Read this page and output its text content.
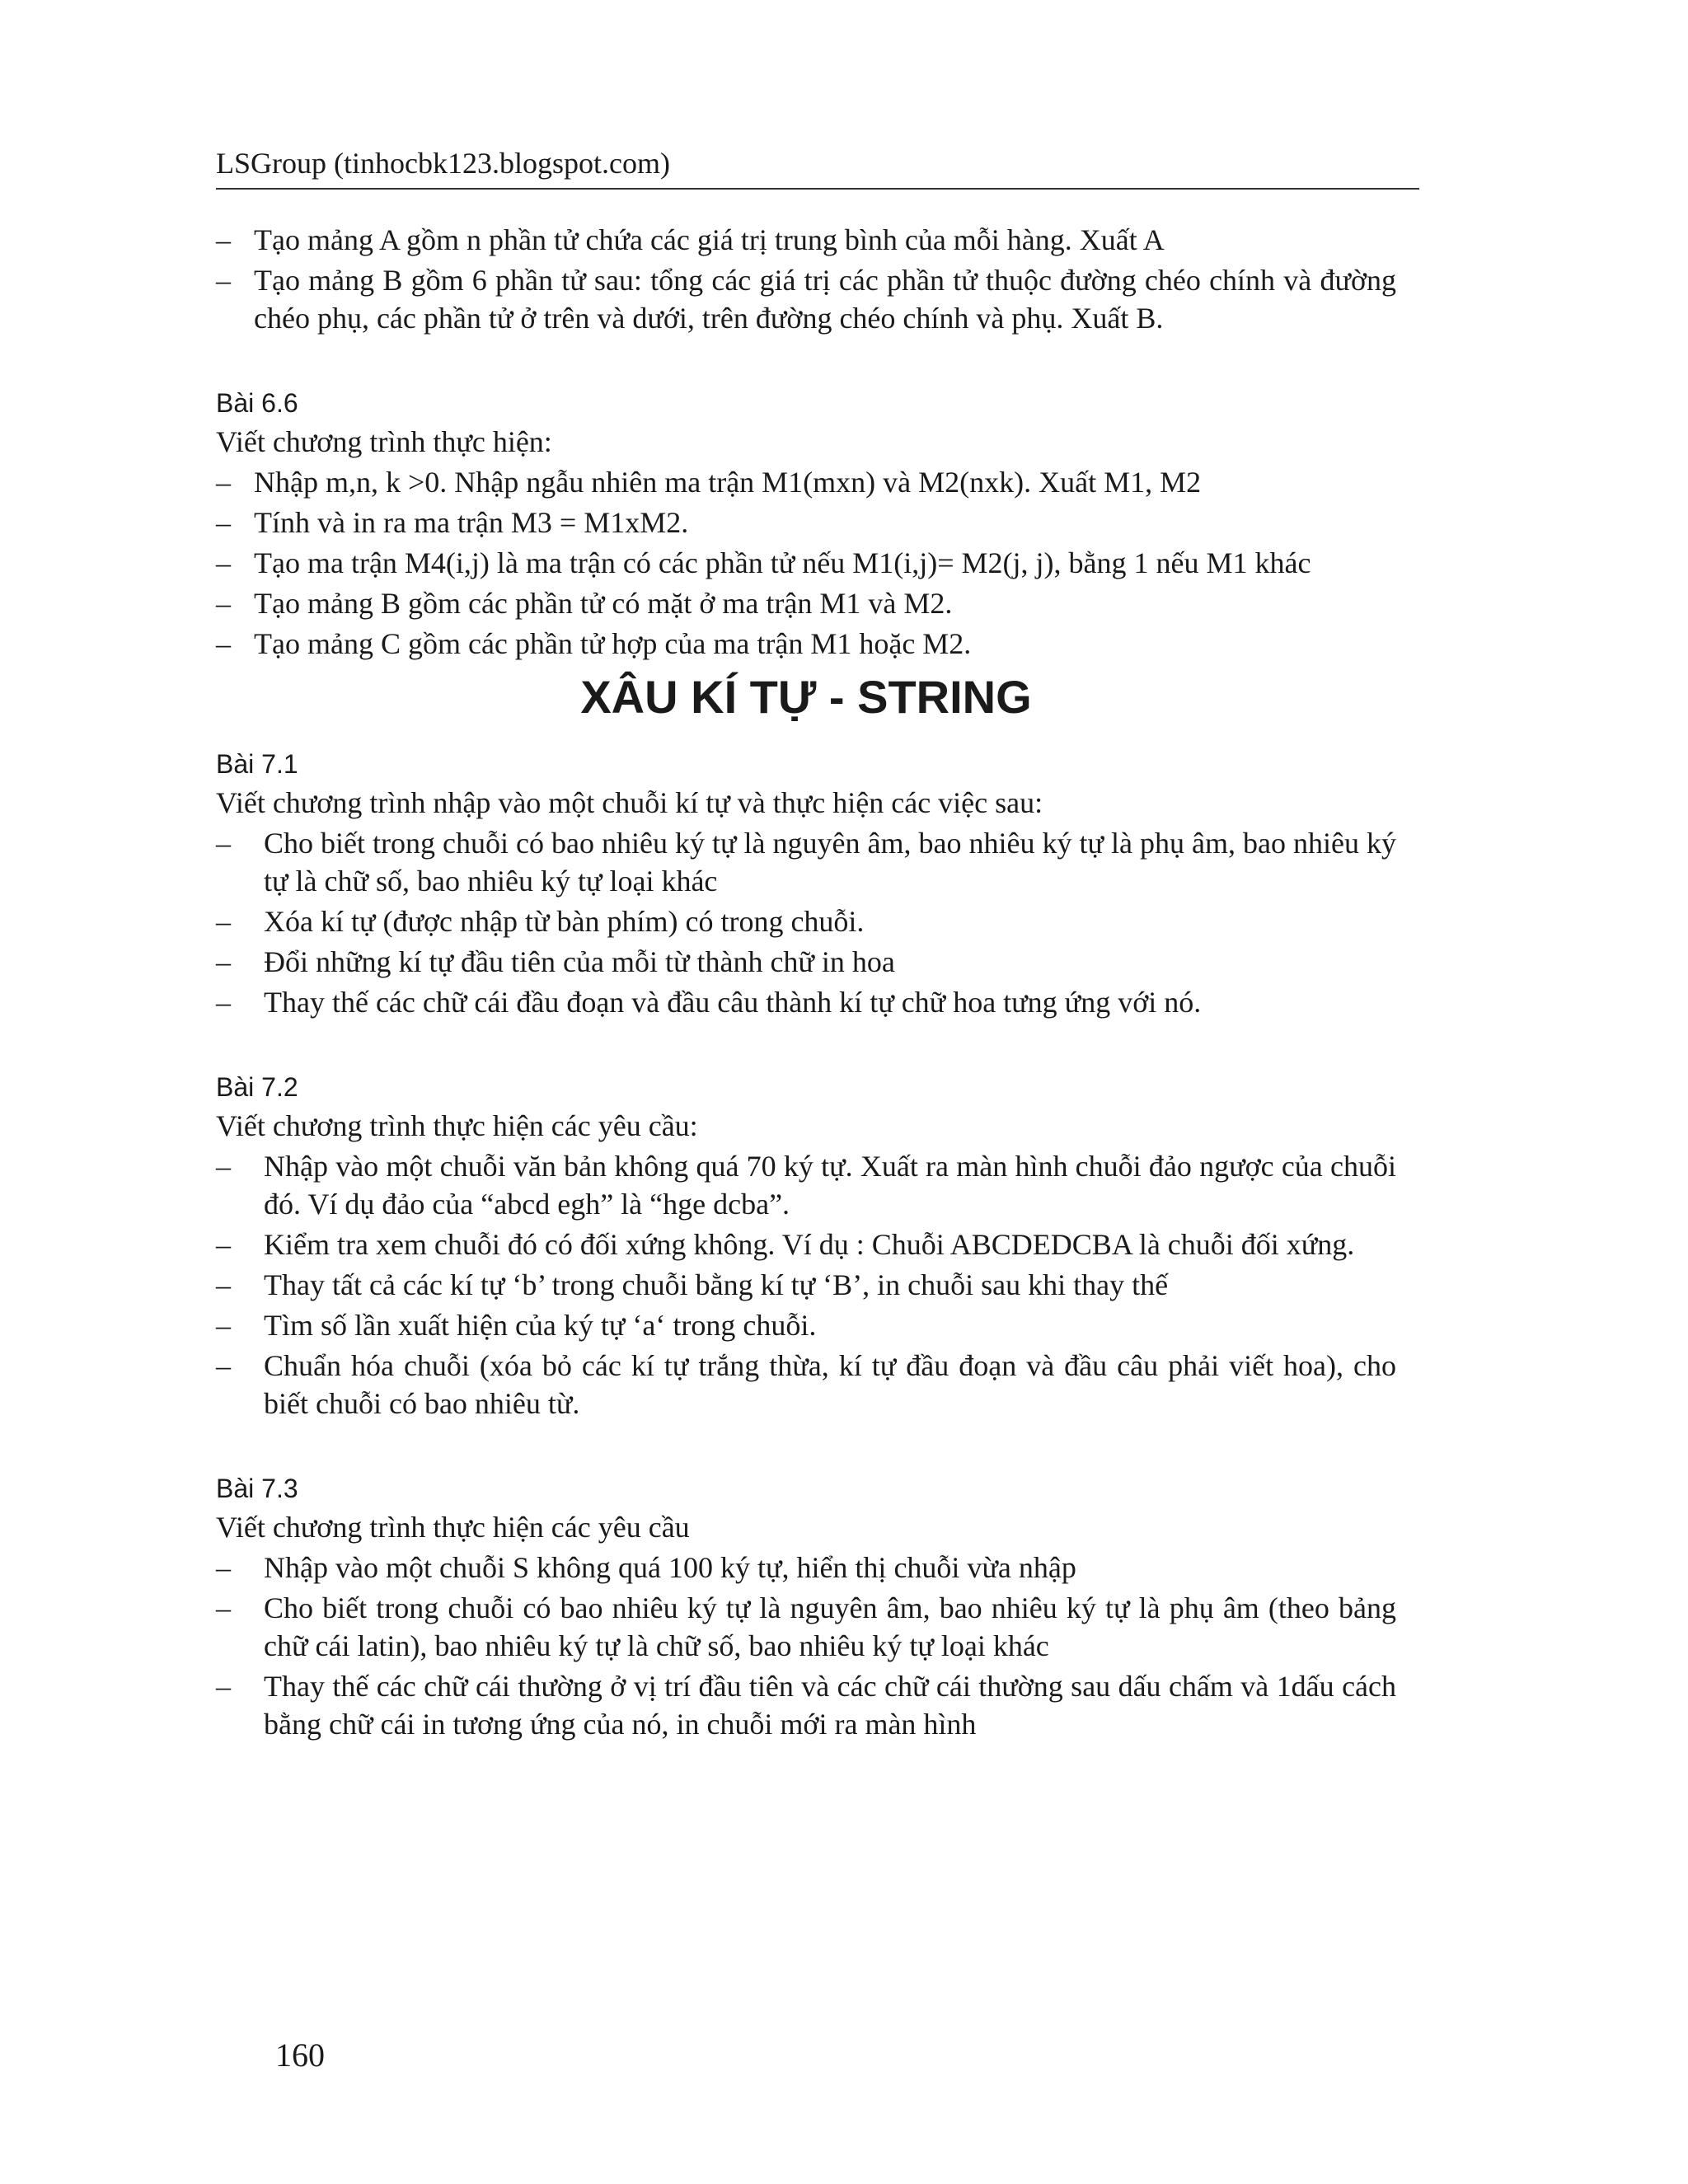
LSGroup (tinhocbk123.blogspot.com)
– Tạo mảng A gồm n phần tử chứa các giá trị trung bình của mỗi hàng. Xuất A
– Tạo mảng B gồm 6 phần tử sau: tổng các giá trị các phần tử thuộc đường chéo chính và đường chéo phụ, các phần tử ở trên và dưới, trên đường chéo chính và phụ. Xuất B.
Bài 6.6
Viết chương trình thực hiện:
– Nhập m,n, k >0. Nhập ngẫu nhiên ma trận M1(mxn) và M2(nxk). Xuất M1, M2
– Tính và in ra ma trận M3 = M1xM2.
– Tạo ma trận M4(i,j) là ma trận có các phần tử nếu M1(i,j)= M2(j, j), bằng 1 nếu M1 khác
– Tạo mảng B gồm các phần tử có mặt ở ma trận M1 và M2.
– Tạo mảng C gồm các phần tử hợp của ma trận M1 hoặc M2.
XÂU KÍ TỰ - STRING
Bài 7.1
Viết chương trình nhập vào một chuỗi kí tự và thực hiện các việc sau:
– Cho biết trong chuỗi có bao nhiêu ký tự là nguyên âm, bao nhiêu ký tự là phụ âm, bao nhiêu ký tự là chữ số, bao nhiêu ký tự loại khác
– Xóa kí tự (được nhập từ bàn phím) có trong chuỗi.
– Đổi những kí tự đầu tiên của mỗi từ thành chữ in hoa
– Thay thế các chữ cái đầu đoạn và đầu câu thành kí tự chữ hoa tưng ứng với nó.
Bài 7.2
Viết chương trình thực hiện các yêu cầu:
– Nhập vào một chuỗi văn bản không quá 70 ký tự. Xuất ra màn hình chuỗi đảo ngược của chuỗi đó. Ví dụ đảo của “abcd egh” là “hge dcba”.
– Kiểm tra xem chuỗi đó có đối xứng không. Ví dụ : Chuỗi ABCDEDCBA là chuỗi đối xứng.
– Thay tất cả các kí tự ‘b’ trong chuỗi bằng kí tự ‘B’, in chuỗi sau khi thay thế
– Tìm số lần xuất hiện của ký tự ‘a‘ trong chuỗi.
– Chuẩn hóa chuỗi (xóa bỏ các kí tự trắng thừa, kí tự đầu đoạn và đầu câu phải viết hoa), cho biết chuỗi có bao nhiêu từ.
Bài 7.3
Viết chương trình thực hiện các yêu cầu
– Nhập vào một chuỗi S không quá 100 ký tự, hiển thị chuỗi vừa nhập
– Cho biết trong chuỗi có bao nhiêu ký tự là nguyên âm, bao nhiêu ký tự là phụ âm (theo bảng chữ cái latin), bao nhiêu ký tự là chữ số, bao nhiêu ký tự loại khác
– Thay thế các chữ cái thường ở vị trí đầu tiên và các chữ cái thường sau dấu chấm và 1dấu cách bằng chữ cái in tương ứng của nó, in chuỗi mới ra màn hình
160
